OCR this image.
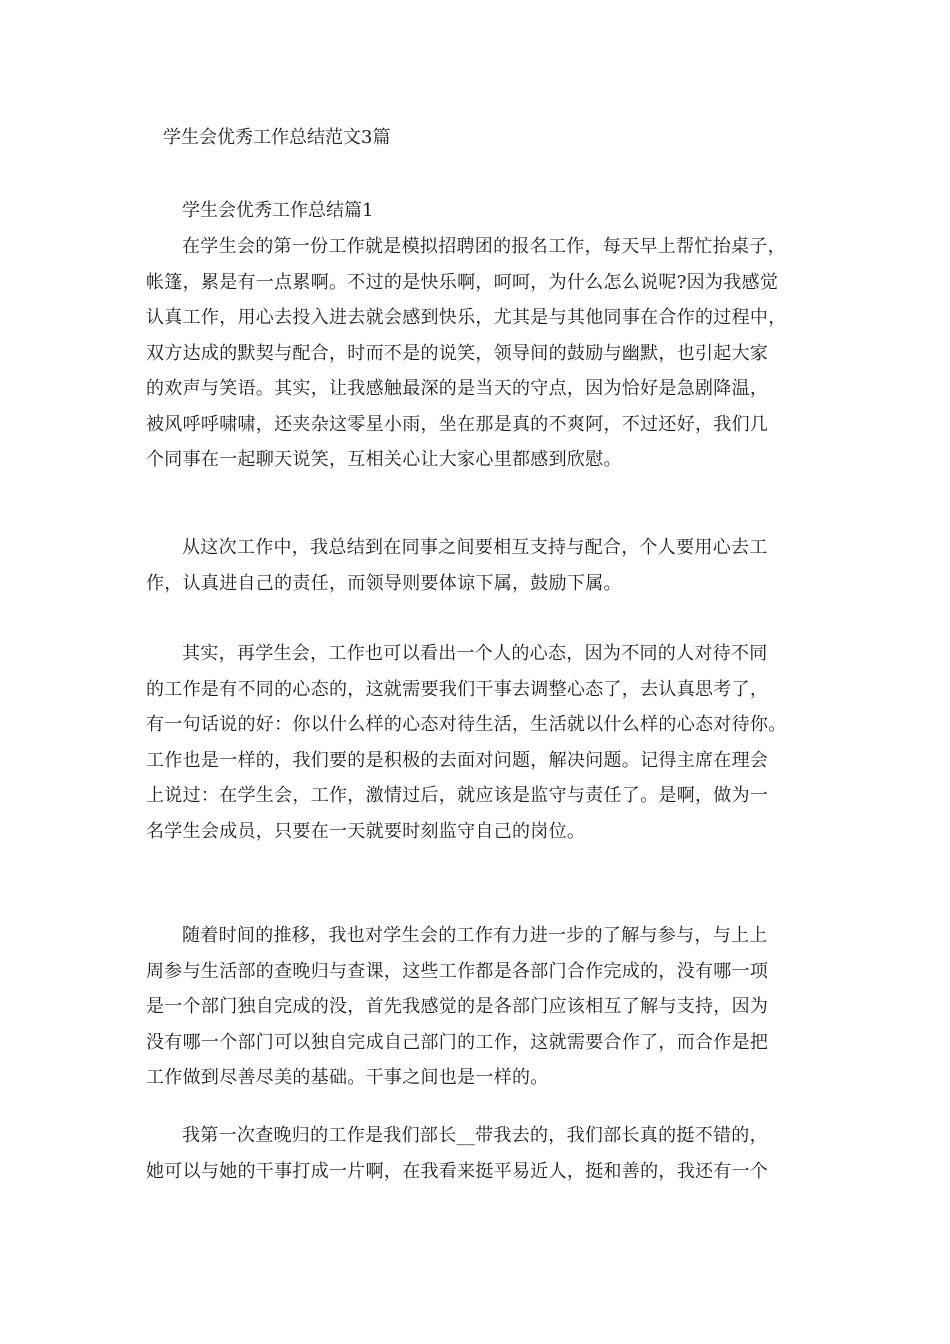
学生会优秀工作总结范文3篇
学生会优秀工作总结篇1

在学生会的第一份工作就是模拟招聘团的报名工作，每天早上帮忙抬桌子，
帐篷，累是有一点累啊。不过的是快乐啊，呵呵，为什么怎么说呢?因为我感觉
认真工作，用心去投入进去就会感到快乐，尤其是与其他同事在合作的过程中，
双方达成的默契与配合，时而不是的说笑，领导间的鼓励与幽默，也引起大家
的欢声与笑语。其实，让我感触最深的是当天的守点，因为恰好是急剧降温，
被风呼呼啸啸，还夹杂这零星小雨，坐在那是真的不爽阿，不过还好，我们几
个同事在一起聊天说笑，互相关心让大家心里都感到欣慰。

从这次工作中，我总结到在同事之间要相互支持与配合，个人要用心去工
作，认真进自己的责任，而领导则要体谅下属，鼓励下属。

其实，再学生会，工作也可以看出一个人的心态，因为不同的人对待不同
的工作是有不同的心态的，这就需要我们干事去调整心态了，去认真思考了，
有一句话说的好：你以什么样的心态对待生活，生活就以什么样的心态对待你。
工作也是一样的，我们要的是积极的去面对问题，解决问题。记得主席在理会
上说过：在学生会，工作，激情过后，就应该是监守与责任了。是啊，做为一
名学生会成员，只要在一天就要时刻监守自己的岗位。

随着时间的推移，我也对学生会的工作有力进一步的了解与参与，与上上
周参与生活部的查晚归与查课，这些工作都是各部门合作完成的，没有哪一项
是一个部门独自完成的没，首先我感觉的是各部门应该相互了解与支持，因为
没有哪一个部门可以独自完成自己部门的工作，这就需要合作了，而合作是把
工作做到尽善尽美的基础。干事之间也是一样的。

我第一次查晚归的工作是我们部长__带我去的，我们部长真的挺不错的，
她可以与她的干事打成一片啊，在我看来挺平易近人，挺和善的，我还有一个
